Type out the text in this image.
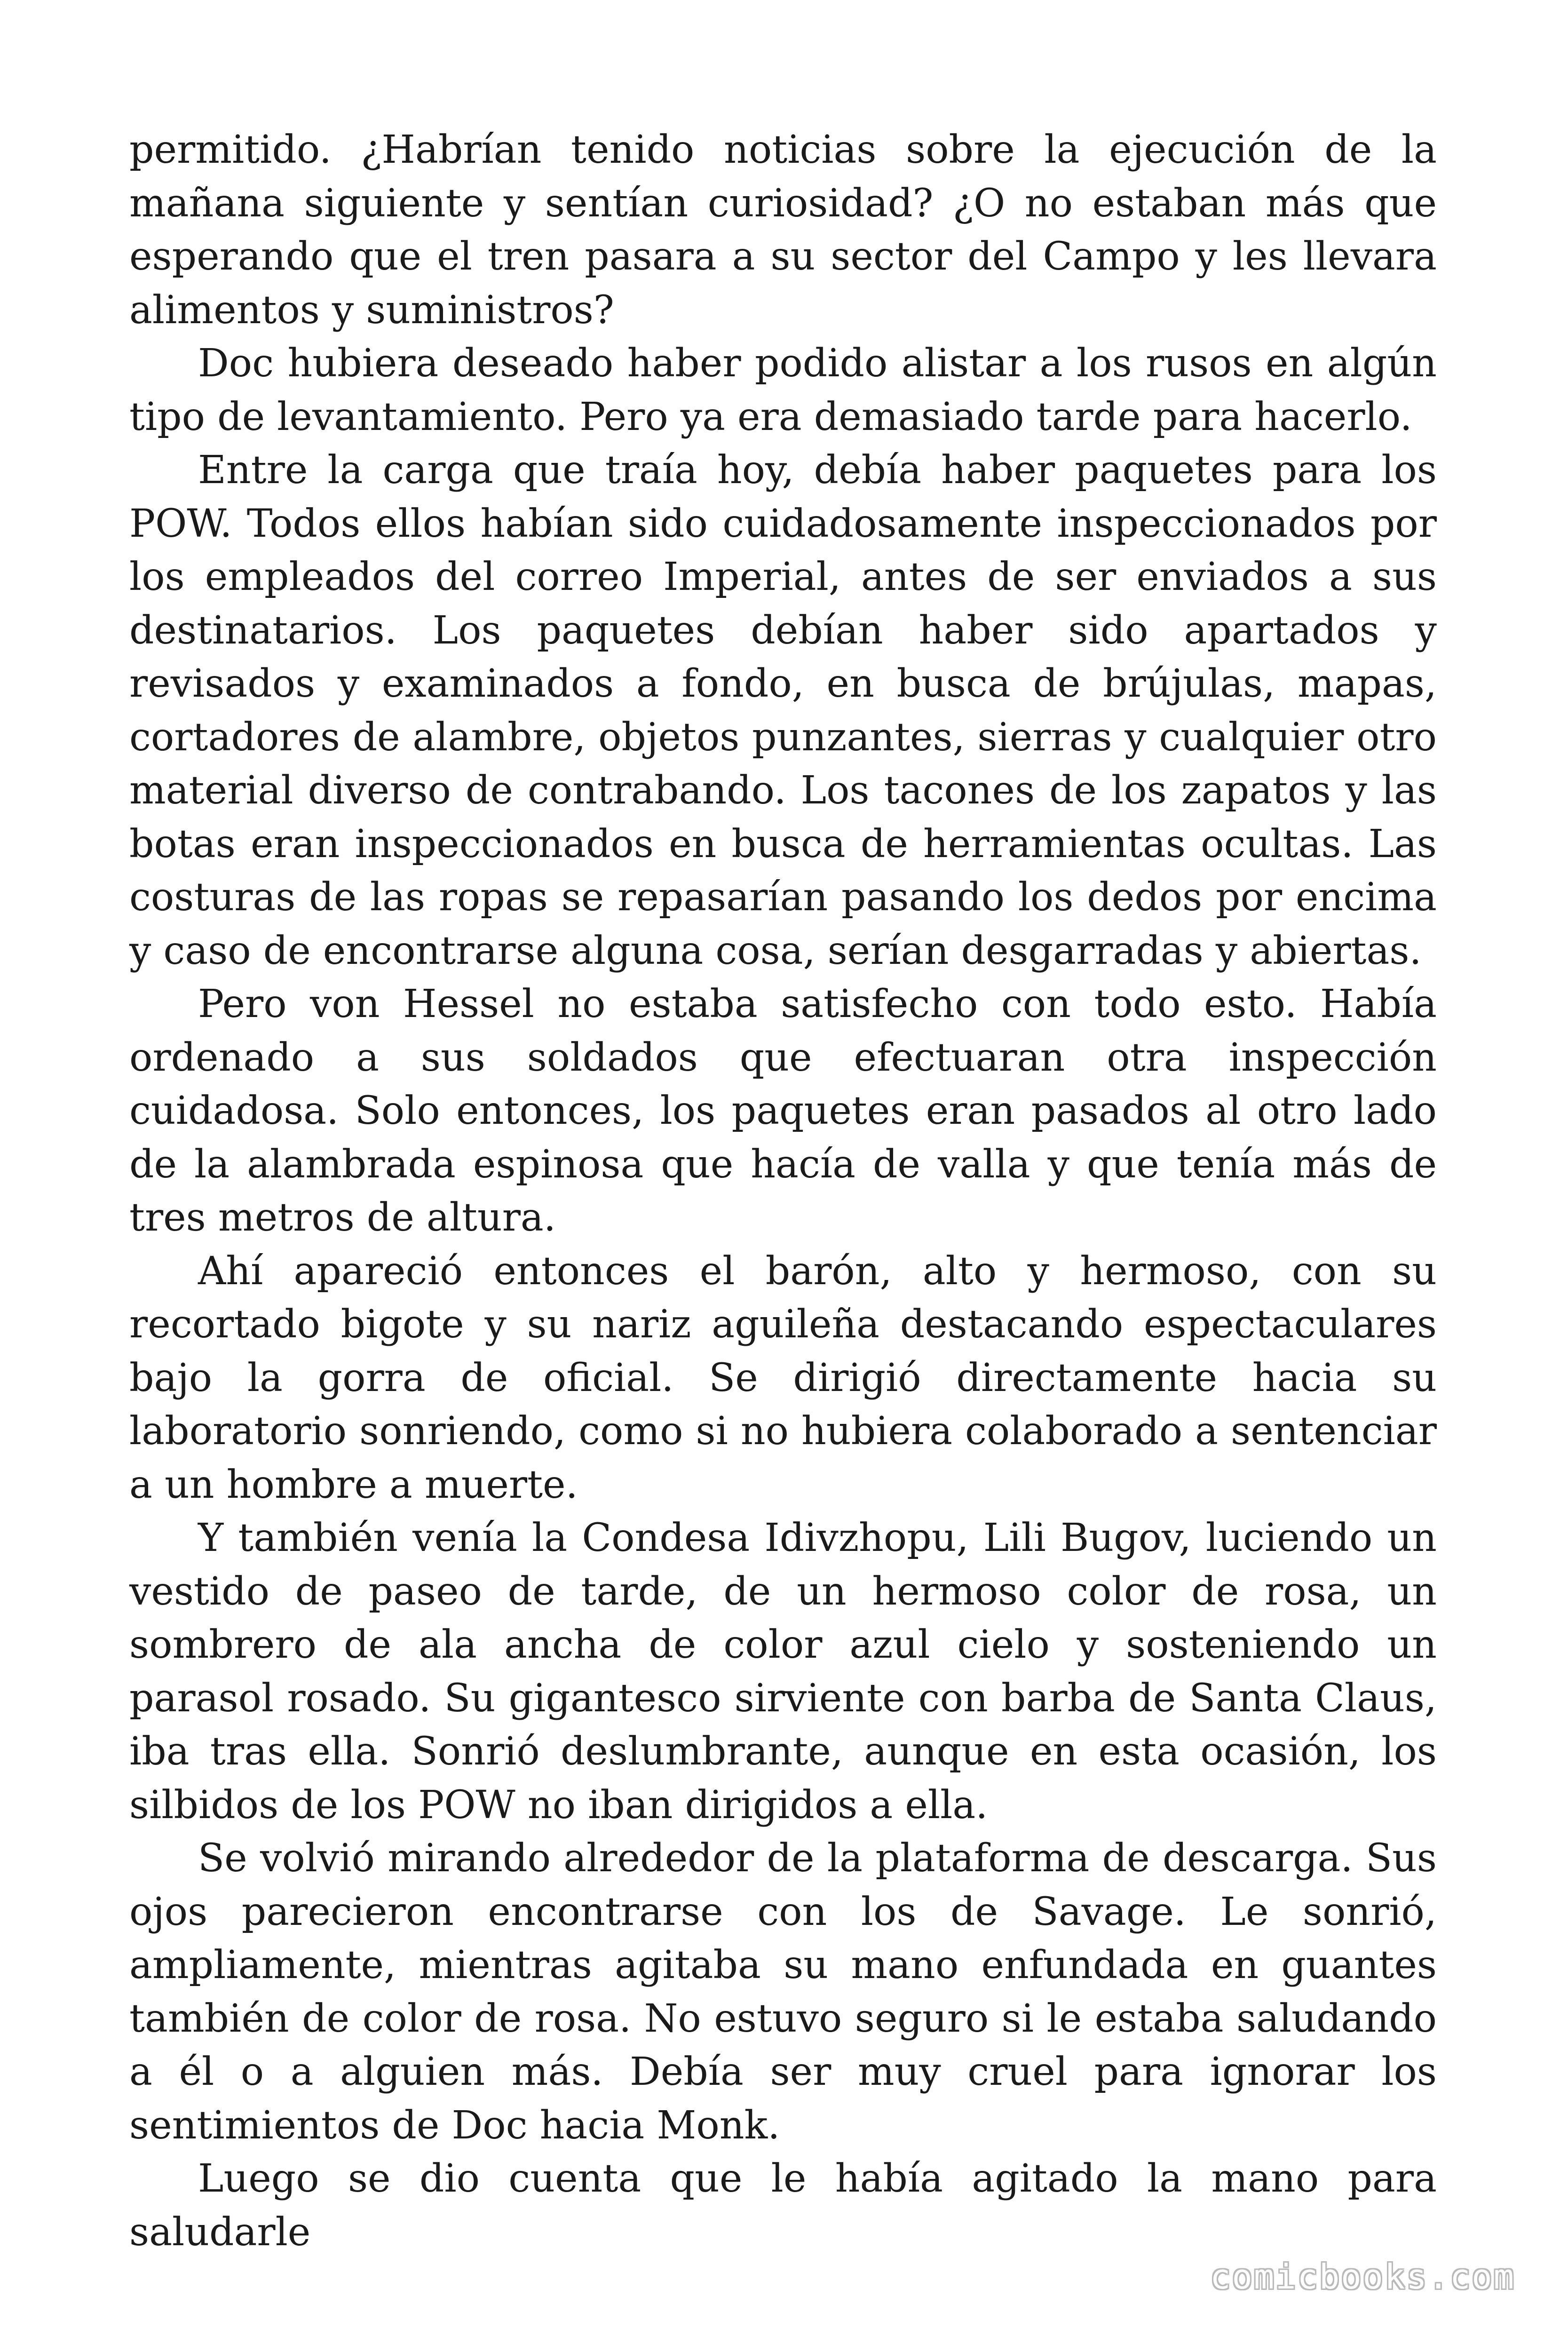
permitido. ¿Habrían tenido noticias sobre la ejecución de la mañana siguiente y sentían curiosidad? ¿O no estaban más que esperando que el tren pasara a su sector del Campo y les llevara alimentos y suministros?

Doc hubiera deseado haber podido alistar a los rusos en algún tipo de levantamiento. Pero ya era demasiado tarde para hacerlo.

Entre la carga que traía hoy, debía haber paquetes para los POW. Todos ellos habían sido cuidadosamente inspeccionados por los empleados del correo Imperial, antes de ser enviados a sus destinatarios. Los paquetes debían haber sido apartados y revisados y examinados a fondo, en busca de brújulas, mapas, cortadores de alambre, objetos punzantes, sierras y cualquier otro material diverso de contrabando. Los tacones de los zapatos y las botas eran inspeccionados en busca de herramientas ocultas. Las costuras de las ropas se repasarían pasando los dedos por encima y caso de encontrarse alguna cosa, serían desgarradas y abiertas.

Pero von Hessel no estaba satisfecho con todo esto. Había ordenado a sus soldados que efectuaran otra inspección cuidadosa. Solo entonces, los paquetes eran pasados al otro lado de la alambrada espinosa que hacía de valla y que tenía más de tres metros de altura.

Ahí apareció entonces el barón, alto y hermoso, con su recortado bigote y su nariz aguileña destacando espectaculares bajo la gorra de oficial. Se dirigió directamente hacia su laboratorio sonriendo, como si no hubiera colaborado a sentenciar a un hombre a muerte.

Y también venía la Condesa Idivzhopu, Lili Bugov, luciendo un vestido de paseo de tarde, de un hermoso color de rosa, un sombrero de ala ancha de color azul cielo y sosteniendo un parasol rosado. Su gigantesco sirviente con barba de Santa Claus, iba tras ella. Sonrió deslumbrante, aunque en esta ocasión, los silbidos de los POW no iban dirigidos a ella.

Se volvió mirando alrededor de la plataforma de descarga. Sus ojos parecieron encontrarse con los de Savage. Le sonrió, ampliamente, mientras agitaba su mano enfundada en guantes también de color de rosa. No estuvo seguro si le estaba saludando a él o a alguien más. Debía ser muy cruel para ignorar los sentimientos de Doc hacia Monk.

Luego se dio cuenta que le había agitado la mano para saludarle

comicbooks.com
